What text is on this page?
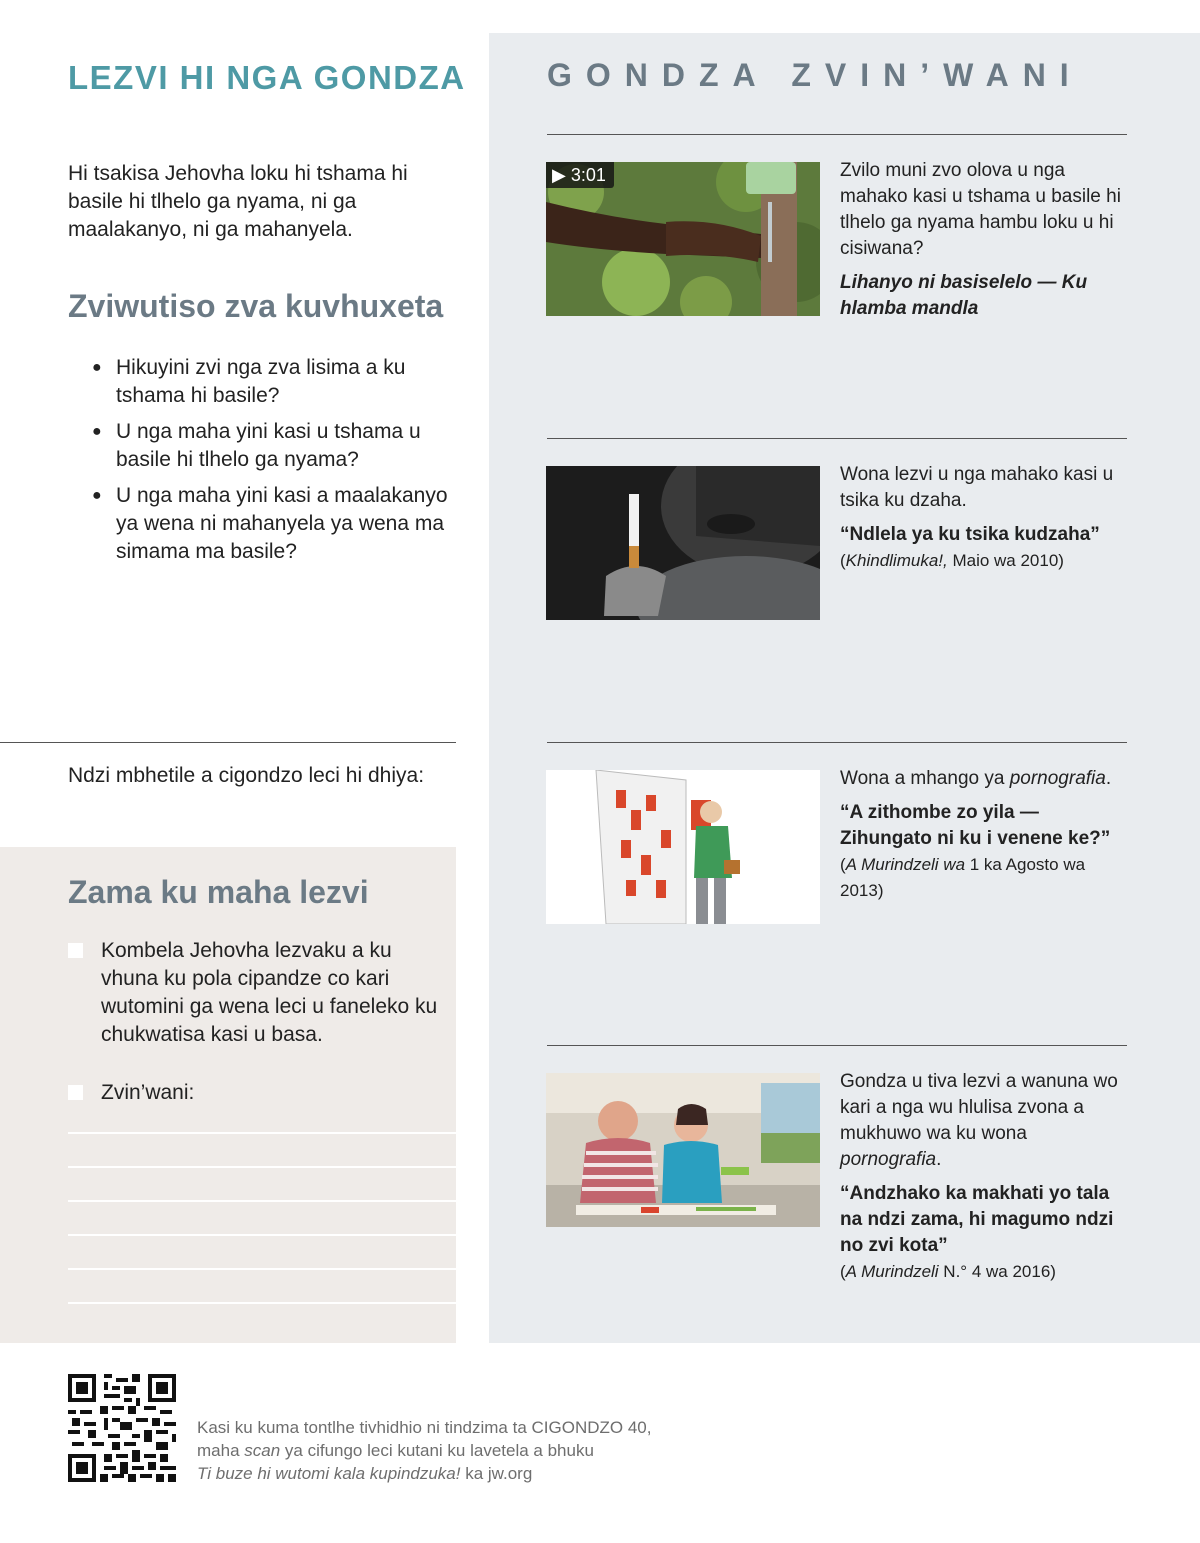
LEZVI HI NGA GONDZA

Hi tsakisa Jehovha loku hi tshama hi basile hi tlhelo ga nyama, ni ga maalakanyo, ni ga mahanyela.

Zviwutiso zva kuvhuxeta
● Hikuyini zvi nga zva lisima a ku tshama hi basile?
● U nga maha yini kasi u tshama u basile hi tlhelo ga nyama?
● U nga maha yini kasi a maalakanyo ya wena ni mahanyela ya wena ma simama ma basile?

Ndzi mbhetile a cigondzo leci hi dhiya:

Zama ku maha lezvi
Kombela Jehovha lezvaku a ku vhuna ku pola cipandze co kari wutomini ga wena leci u faneleko ku chukwatisa kasi u basa.
Zvin’wani:
GONDZA ZVIN’WANI
▶ 3:01	Zvilo muni zvo olova u nga mahako kasi u tshama u basile hi tlhelo ga nyama hambu loku u hi cisiwana?

Lihanyo ni basiselelo — Ku hlamba mandla

Wona lezvi u nga mahako kasi u tsika ku dzaha.

“Ndlela ya ku tsika kudzaha”

(Khindlimuka!, Maio wa 2010)

Wona a mhango ya pornografia.

“A zithombe zo yila — Zihungato ni ku i venene ke?”

(A Murindzeli wa 1 ka Agosto wa 2013)

Gondza u tiva lezvi a wanuna wo kari a nga wu hlulisa zvona a mukhuwo wa ku wona pornografia.

“Andzhako ka makhati yo tala na ndzi zama, hi magumo ndzi no zvi kota”

(A Murindzeli N.° 4 wa 2016)

Kasi ku kuma tontlhe tivhidhio ni tindzima ta CIGONDZO 40,
maha scan ya cifungo leci kutani ku lavetela a bhuku
Ti buze hi wutomi kala kupindzuka! ka jw.org
